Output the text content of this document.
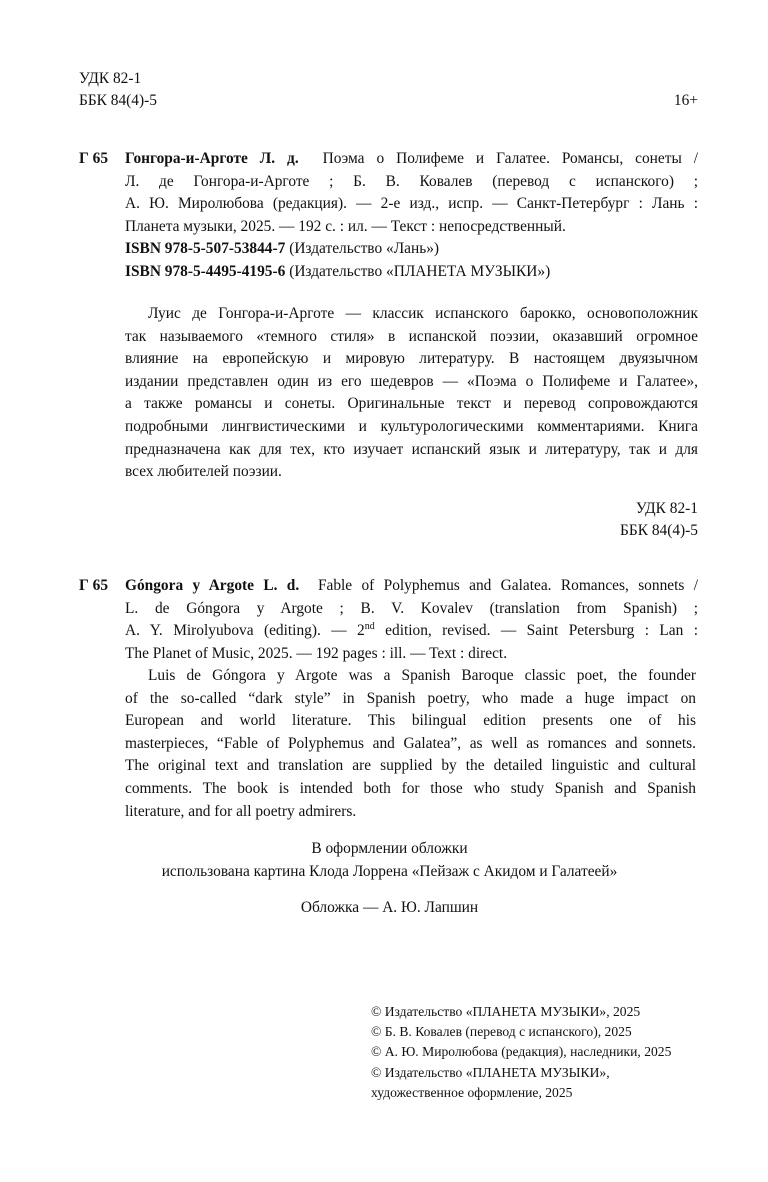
УДК 82-1
ББК 84(4)-5	16+
Г 65 Гонгора-и-Арготе Л. д. Поэма о Полифеме и Галатее. Романсы, сонеты /
Л. де Гонгора-и-Арготе ; Б. В. Ковалев (перевод с испанского) ;
А. Ю. Миролюбова (редакция). — 2-е изд., испр. — Санкт-Петербург : Лань :
Планета музыки, 2025. — 192 с. : ил. — Текст : непосредственный.
ISBN 978-5-507-53844-7 (Издательство «Лань»)
ISBN 978-5-4495-4195-6 (Издательство «ПЛАНЕТА МУЗЫКИ»)
Луис де Гонгора-и-Арготе — классик испанского барокко, основоположник
так называемого «темного стиля» в испанской поэзии, оказавший огромное
влияние на европейскую и мировую литературу. В настоящем двуязычном
издании представлен один из его шедевров — «Поэма о Полифеме и Галатее»,
а также романсы и сонеты. Оригинальные текст и перевод сопровождаются
подробными лингвистическими и культурологическими комментариями. Книга
предназначена как для тех, кто изучает испанский язык и литературу, так и для
всех любителей поэзии.
УДК 82-1
ББК 84(4)-5
Г 65 Góngora y Argote L. d. Fable of Polyphemus and Galatea. Romances, sonnets /
L. de Góngora y Argote ; B. V. Kovalev (translation from Spanish) ;
A. Y. Mirolyubova (editing). — 2nd edition, revised. — Saint Petersburg : Lan :
The Planet of Music, 2025. — 192 pages : ill. — Text : direct.
Luis de Góngora y Argote was a Spanish Baroque classic poet, the founder
of the so-called “dark style” in Spanish poetry, who made a huge impact on
European and world literature. This bilingual edition presents one of his
masterpieces, “Fable of Polyphemus and Galatea”, as well as romances and sonnets.
The original text and translation are supplied by the detailed linguistic and cultural
comments. The book is intended both for those who study Spanish and Spanish
literature, and for all poetry admirers.
В оформлении обложки
использована картина Клода Лоррена «Пейзаж с Акидом и Галатеей»
Обложка — А. Ю. Лапшин
© Издательство «ПЛАНЕТА МУЗЫКИ», 2025
© Б. В. Ковалев (перевод с испанского), 2025
© А. Ю. Миролюбова (редакция), наследники, 2025
© Издательство «ПЛАНЕТА МУЗЫКИ»,
художественное оформление, 2025
